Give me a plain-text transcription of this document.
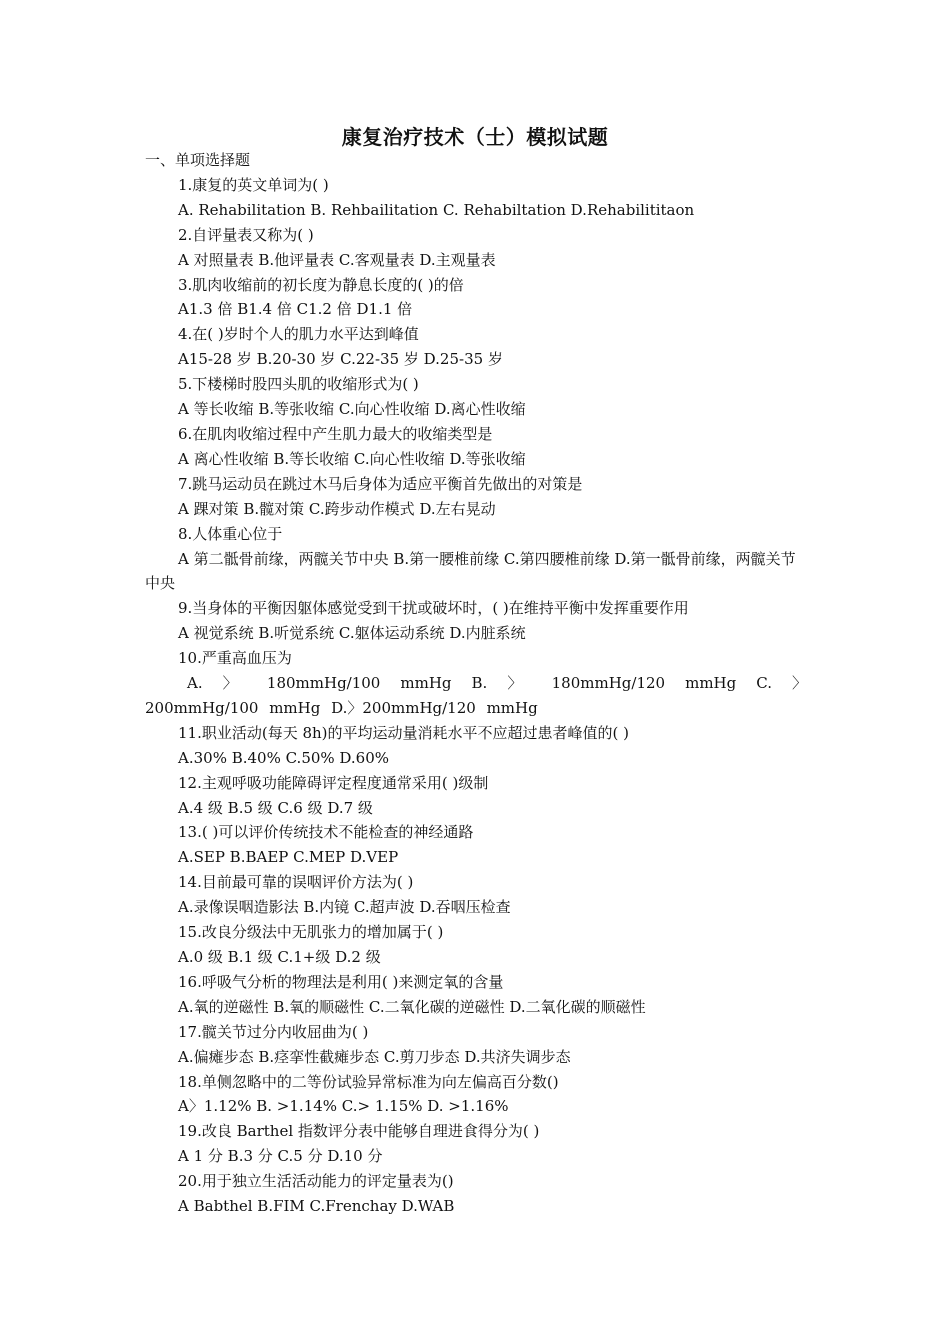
康复治疗技术（士）模拟试题
一、单项选择题
1.康复的英文单词为( )
A. Rehabilitation B. Rehbailitation C. Rehabiltation D.Rehabilititaon
2.自评量表又称为( )
A 对照量表 B.他评量表 C.客观量表 D.主观量表
3.肌肉收缩前的初长度为静息长度的( )的倍
A1.3 倍 B1.4 倍 C1.2 倍 D1.1 倍
4.在( )岁时个人的肌力水平达到峰值
A15-28 岁 B.20-30 岁 C.22-35 岁 D.25-35 岁
5.下楼梯时股四头肌的收缩形式为( )
A 等长收缩 B.等张收缩 C.向心性收缩 D.离心性收缩
6.在肌肉收缩过程中产生肌力最大的收缩类型是
A 离心性收缩 B.等长收缩 C.向心性收缩 D.等张收缩
7.跳马运动员在跳过木马后身体为适应平衡首先做出的对策是
A 踝对策 B.髋对策 C.跨步动作模式 D.左右晃动
8.人体重心位于
A 第二骶骨前缘，两髋关节中央 B.第一腰椎前缘 C.第四腰椎前缘 D.第一骶骨前缘，两髋关节中央
9.当身体的平衡因躯体感觉受到干扰或破坏时，( )在维持平衡中发挥重要作用
A 视觉系统 B.听觉系统 C.躯体运动系统 D.内脏系统
10.严重高血压为
A. 〉 180mmHg/100 mmHg B. 〉 180mmHg/120 mmHg C. 〉 200mmHg/100 mmHg D.〉200mmHg/120 mmHg
11.职业活动(每天 8h)的平均运动量消耗水平不应超过患者峰值的( )
A.30% B.40% C.50% D.60%
12.主观呼吸功能障碍评定程度通常采用( )级制
A.4 级 B.5 级 C.6 级 D.7 级
13.( )可以评价传统技术不能检查的神经通路
A.SEP B.BAEP C.MEP D.VEP
14.目前最可靠的误咽评价方法为( )
A.录像误咽造影法 B.内镜 C.超声波 D.吞咽压检查
15.改良分级法中无肌张力的增加属于( )
A.0 级 B.1 级 C.1+级 D.2 级
16.呼吸气分析的物理法是利用( )来测定氧的含量
A.氧的逆磁性 B.氧的顺磁性 C.二氧化碳的逆磁性 D.二氧化碳的顺磁性
17.髋关节过分内收屈曲为( )
A.偏瘫步态 B.痉挛性截瘫步态 C.剪刀步态 D.共济失调步态
18.单侧忽略中的二等份试验异常标准为向左偏高百分数()
A〉1.12% B. >1.14% C.> 1.15% D. >1.16%
19.改良 Barthel 指数评分表中能够自理进食得分为( )
A 1 分 B.3 分 C.5 分 D.10 分
20.用于独立生活活动能力的评定量表为()
A Babthel B.FIM C.Frenchay D.WAB
